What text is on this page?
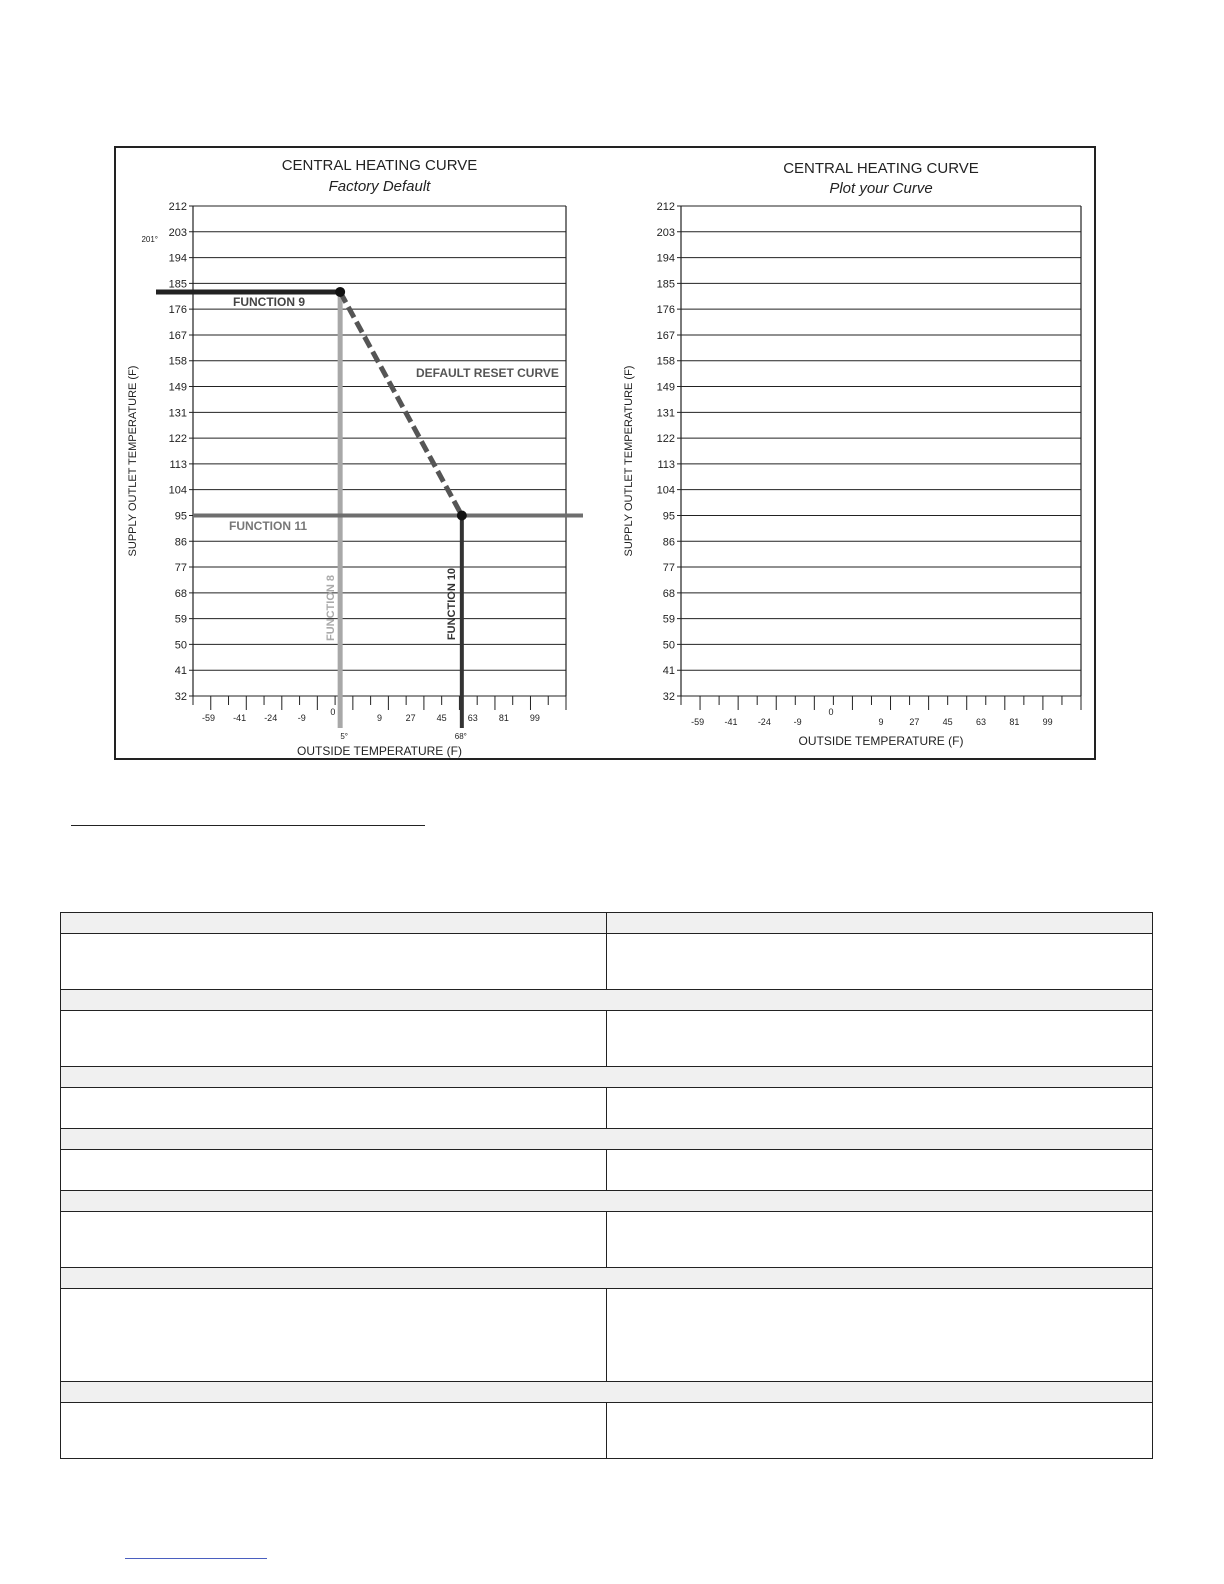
CENTRAL HEATING CURVE
Factory Default
212
203
194
185
176
167
158
149
131
122
113
104
95
86
77
68
59
50
41
32
-59 -41 -24 -9
0
9	27 45 63 81 99
OUTSIDE TEMPERATURE (F)
SUPPLY OUTLET TEMPERATURE (F)
201°
FUNCTION 9
FUNCTION 11
DEFAULT RESET CURVE
FUNCTION 8	FUNCTION 10
5°	68°
CENTRAL HEATING CURVE
Plot your Curve
212
203
194
185
176
167
158
149
131
122
113
104
95
86
77
68
59
50
41
32
-59 -41 -24	-9
0
9	27	45	63	81	99
OUTSIDE TEMPERATURE (F)
SUPPLY OUTLET TEMPERATURE (F)
